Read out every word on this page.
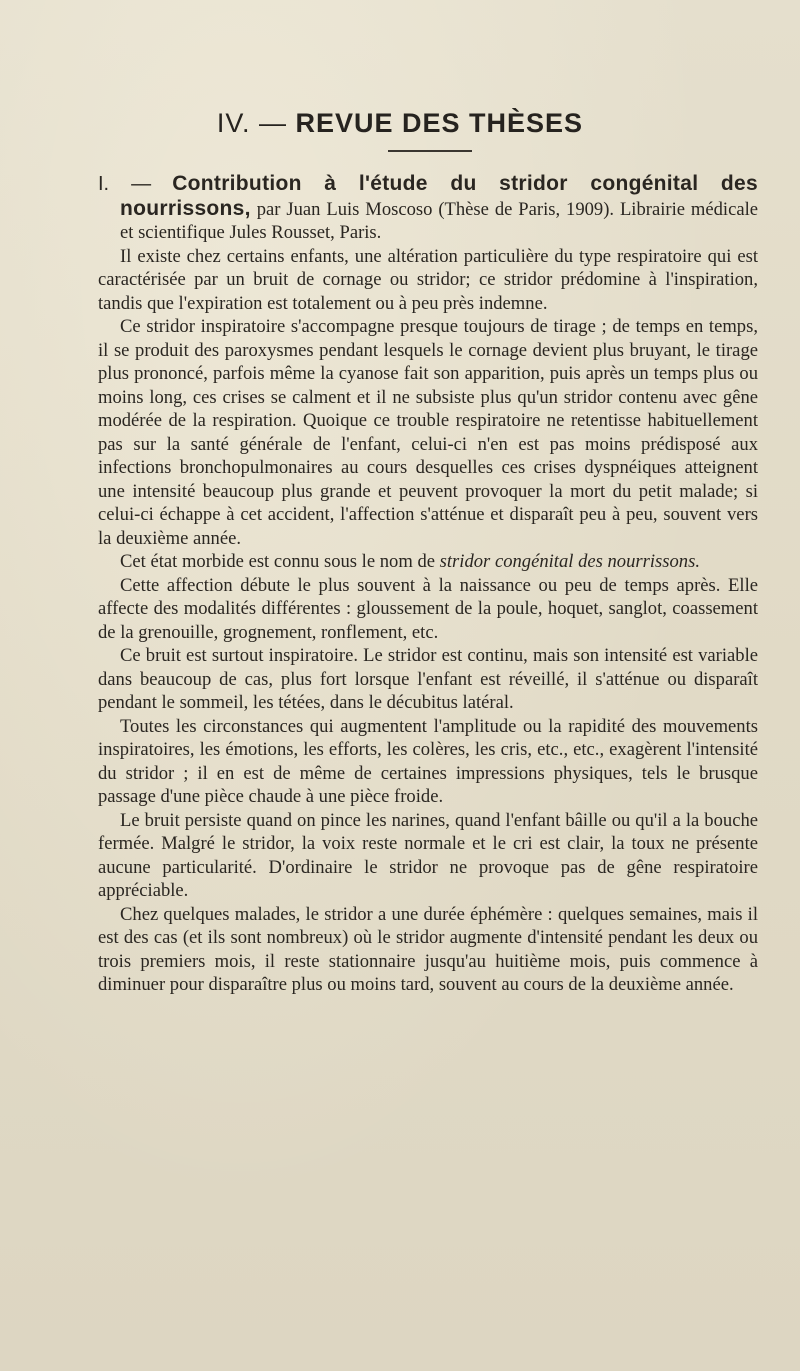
IV. — REVUE DES THÈSES

I. — Contribution à l'étude du stridor congénital des nourrissons, par Juan Luis Moscoso (Thèse de Paris, 1909). Librairie médicale et scientifique Jules Rousset, Paris.

Il existe chez certains enfants, une altération particulière du type respiratoire qui est caractérisée par un bruit de cornage ou stridor; ce stridor prédomine à l'inspiration, tandis que l'expiration est totalement ou à peu près indemne.

Ce stridor inspiratoire s'accompagne presque toujours de tirage ; de temps en temps, il se produit des paroxysmes pendant lesquels le cornage devient plus bruyant, le tirage plus prononcé, parfois même la cyanose fait son apparition, puis après un temps plus ou moins long, ces crises se calment et il ne subsiste plus qu'un stridor contenu avec gêne modérée de la respiration. Quoique ce trouble respiratoire ne retentisse habituellement pas sur la santé générale de l'enfant, celui-ci n'en est pas moins prédisposé aux infections bronchopulmonaires au cours desquelles ces crises dyspnéiques atteignent une intensité beaucoup plus grande et peuvent provoquer la mort du petit malade; si celui-ci échappe à cet accident, l'affection s'atténue et disparaît peu à peu, souvent vers la deuxième année.

Cet état morbide est connu sous le nom de stridor congénital des nourrissons.

Cette affection débute le plus souvent à la naissance ou peu de temps après. Elle affecte des modalités différentes : gloussement de la poule, hoquet, sanglot, coassement de la grenouille, grognement, ronflement, etc.

Ce bruit est surtout inspiratoire. Le stridor est continu, mais son intensité est variable dans beaucoup de cas, plus fort lorsque l'enfant est réveillé, il s'atténue ou disparaît pendant le sommeil, les tétées, dans le décubitus latéral.

Toutes les circonstances qui augmentent l'amplitude ou la rapidité des mouvements inspiratoires, les émotions, les efforts, les colères, les cris, etc., etc., exagèrent l'intensité du stridor ; il en est de même de certaines impressions physiques, tels le brusque passage d'une pièce chaude à une pièce froide.

Le bruit persiste quand on pince les narines, quand l'enfant bâille ou qu'il a la bouche fermée. Malgré le stridor, la voix reste normale et le cri est clair, la toux ne présente aucune particularité. D'ordinaire le stridor ne provoque pas de gêne respiratoire appréciable.

Chez quelques malades, le stridor a une durée éphémère : quelques semaines, mais il est des cas (et ils sont nombreux) où le stridor augmente d'intensité pendant les deux ou trois premiers mois, il reste stationnaire jusqu'au huitième mois, puis commence à diminuer pour disparaître plus ou moins tard, souvent au cours de la deuxième année.
